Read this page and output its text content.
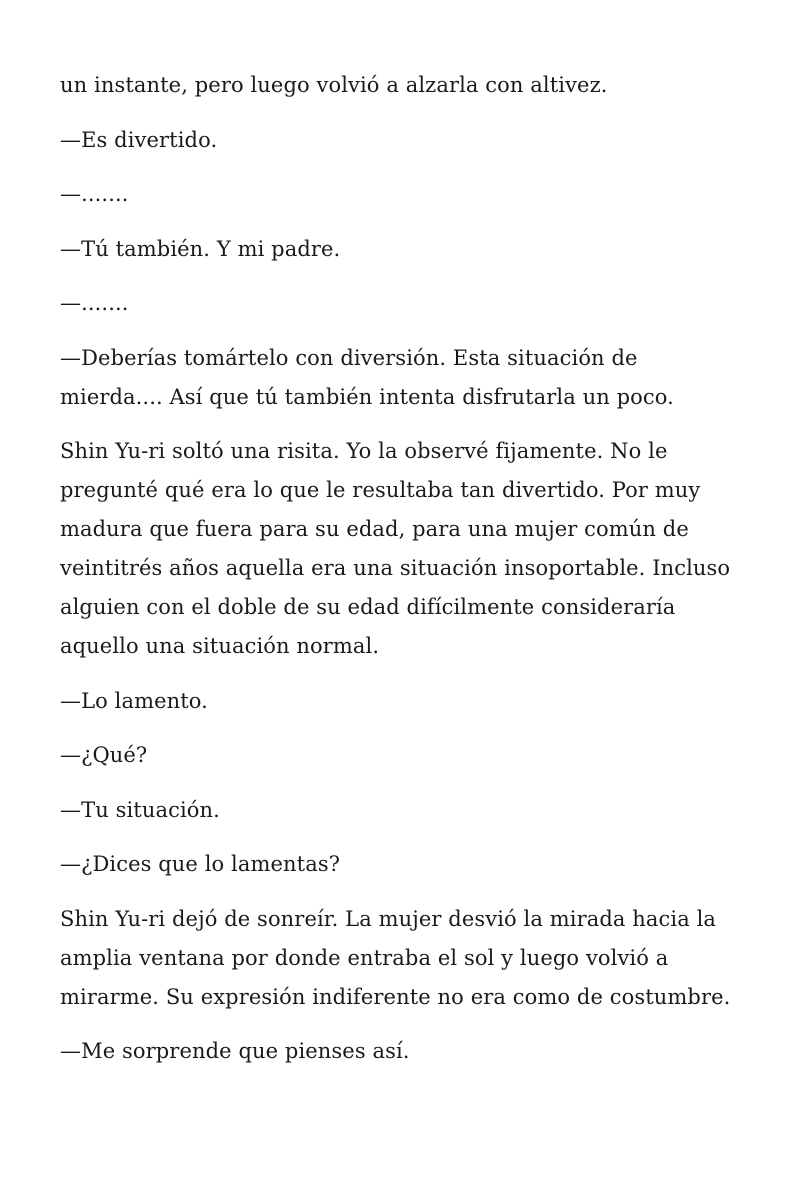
un instante, pero luego volvió a alzarla con altivez.

—Es divertido.

—.......

—Tú también. Y mi padre.

—.......

—Deberías tomártelo con diversión. Esta situación de mierda.... Así que tú también intenta disfrutarla un poco.

Shin Yu-ri soltó una risita. Yo la observé fijamente. No le pregunté qué era lo que le resultaba tan divertido. Por muy madura que fuera para su edad, para una mujer común de veintitrés años aquella era una situación insoportable. Incluso alguien con el doble de su edad difícilmente consideraría aquello una situación normal.

—Lo lamento.

—¿Qué?

—Tu situación.

—¿Dices que lo lamentas?

Shin Yu-ri dejó de sonreír. La mujer desvió la mirada hacia la amplia ventana por donde entraba el sol y luego volvió a mirarme. Su expresión indiferente no era como de costumbre.

—Me sorprende que pienses así.
